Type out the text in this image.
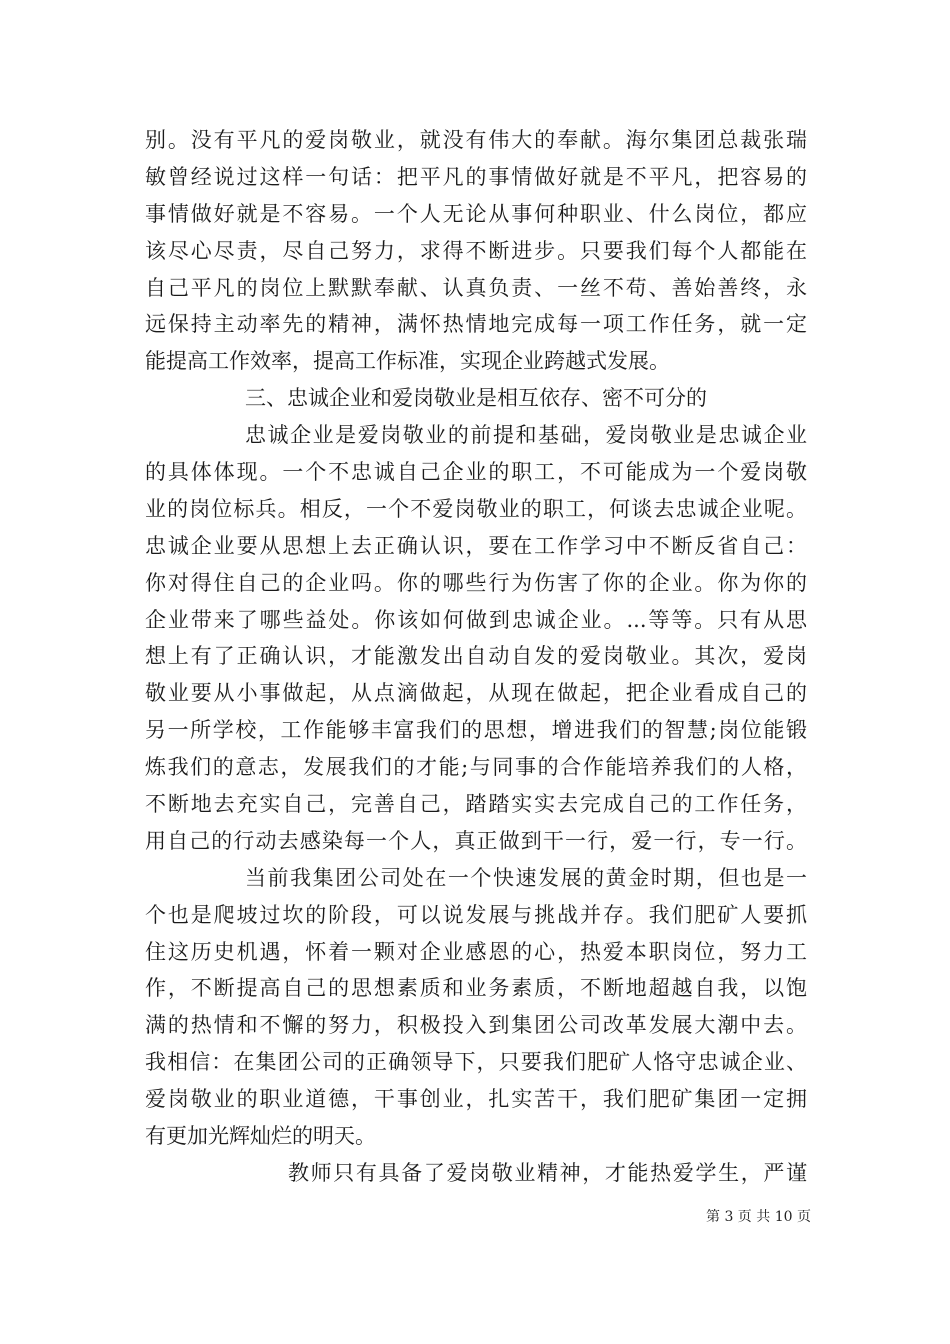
别。没有平凡的爱岗敬业，就没有伟大的奉献。海尔集团总裁张瑞
敏曾经说过这样一句话：把平凡的事情做好就是不平凡，把容易的
事情做好就是不容易。一个人无论从事何种职业、什么岗位，都应
该尽心尽责，尽自己努力，求得不断进步。只要我们每个人都能在
自己平凡的岗位上默默奉献、认真负责、一丝不苟、善始善终，永
远保持主动率先的精神，满怀热情地完成每一项工作任务，就一定
能提高工作效率，提高工作标准，实现企业跨越式发展。
三、忠诚企业和爱岗敬业是相互依存、密不可分的
忠诚企业是爱岗敬业的前提和基础，爱岗敬业是忠诚企业
的具体体现。一个不忠诚自己企业的职工，不可能成为一个爱岗敬
业的岗位标兵。相反，一个不爱岗敬业的职工，何谈去忠诚企业呢。
忠诚企业要从思想上去正确认识，要在工作学习中不断反省自己：
你对得住自己的企业吗。你的哪些行为伤害了你的企业。你为你的
企业带来了哪些益处。你该如何做到忠诚企业。...等等。只有从思
想上有了正确认识，才能激发出自动自发的爱岗敬业。其次，爱岗
敬业要从小事做起，从点滴做起，从现在做起，把企业看成自己的
另一所学校，工作能够丰富我们的思想，增进我们的智慧;岗位能锻
炼我们的意志，发展我们的才能;与同事的合作能培养我们的人格，
不断地去充实自己，完善自己，踏踏实实去完成自己的工作任务，
用自己的行动去感染每一个人，真正做到干一行，爱一行，专一行。
当前我集团公司处在一个快速发展的黄金时期，但也是一
个也是爬坡过坎的阶段，可以说发展与挑战并存。我们肥矿人要抓
住这历史机遇，怀着一颗对企业感恩的心，热爱本职岗位，努力工
作，不断提高自己的思想素质和业务素质，不断地超越自我，以饱
满的热情和不懈的努力，积极投入到集团公司改革发展大潮中去。
我相信：在集团公司的正确领导下，只要我们肥矿人恪守忠诚企业、
爱岗敬业的职业道德，干事创业，扎实苦干，我们肥矿集团一定拥
有更加光辉灿烂的明天。
教师只有具备了爱岗敬业精神，才能热爱学生，严谨
第 3 页 共 10 页
